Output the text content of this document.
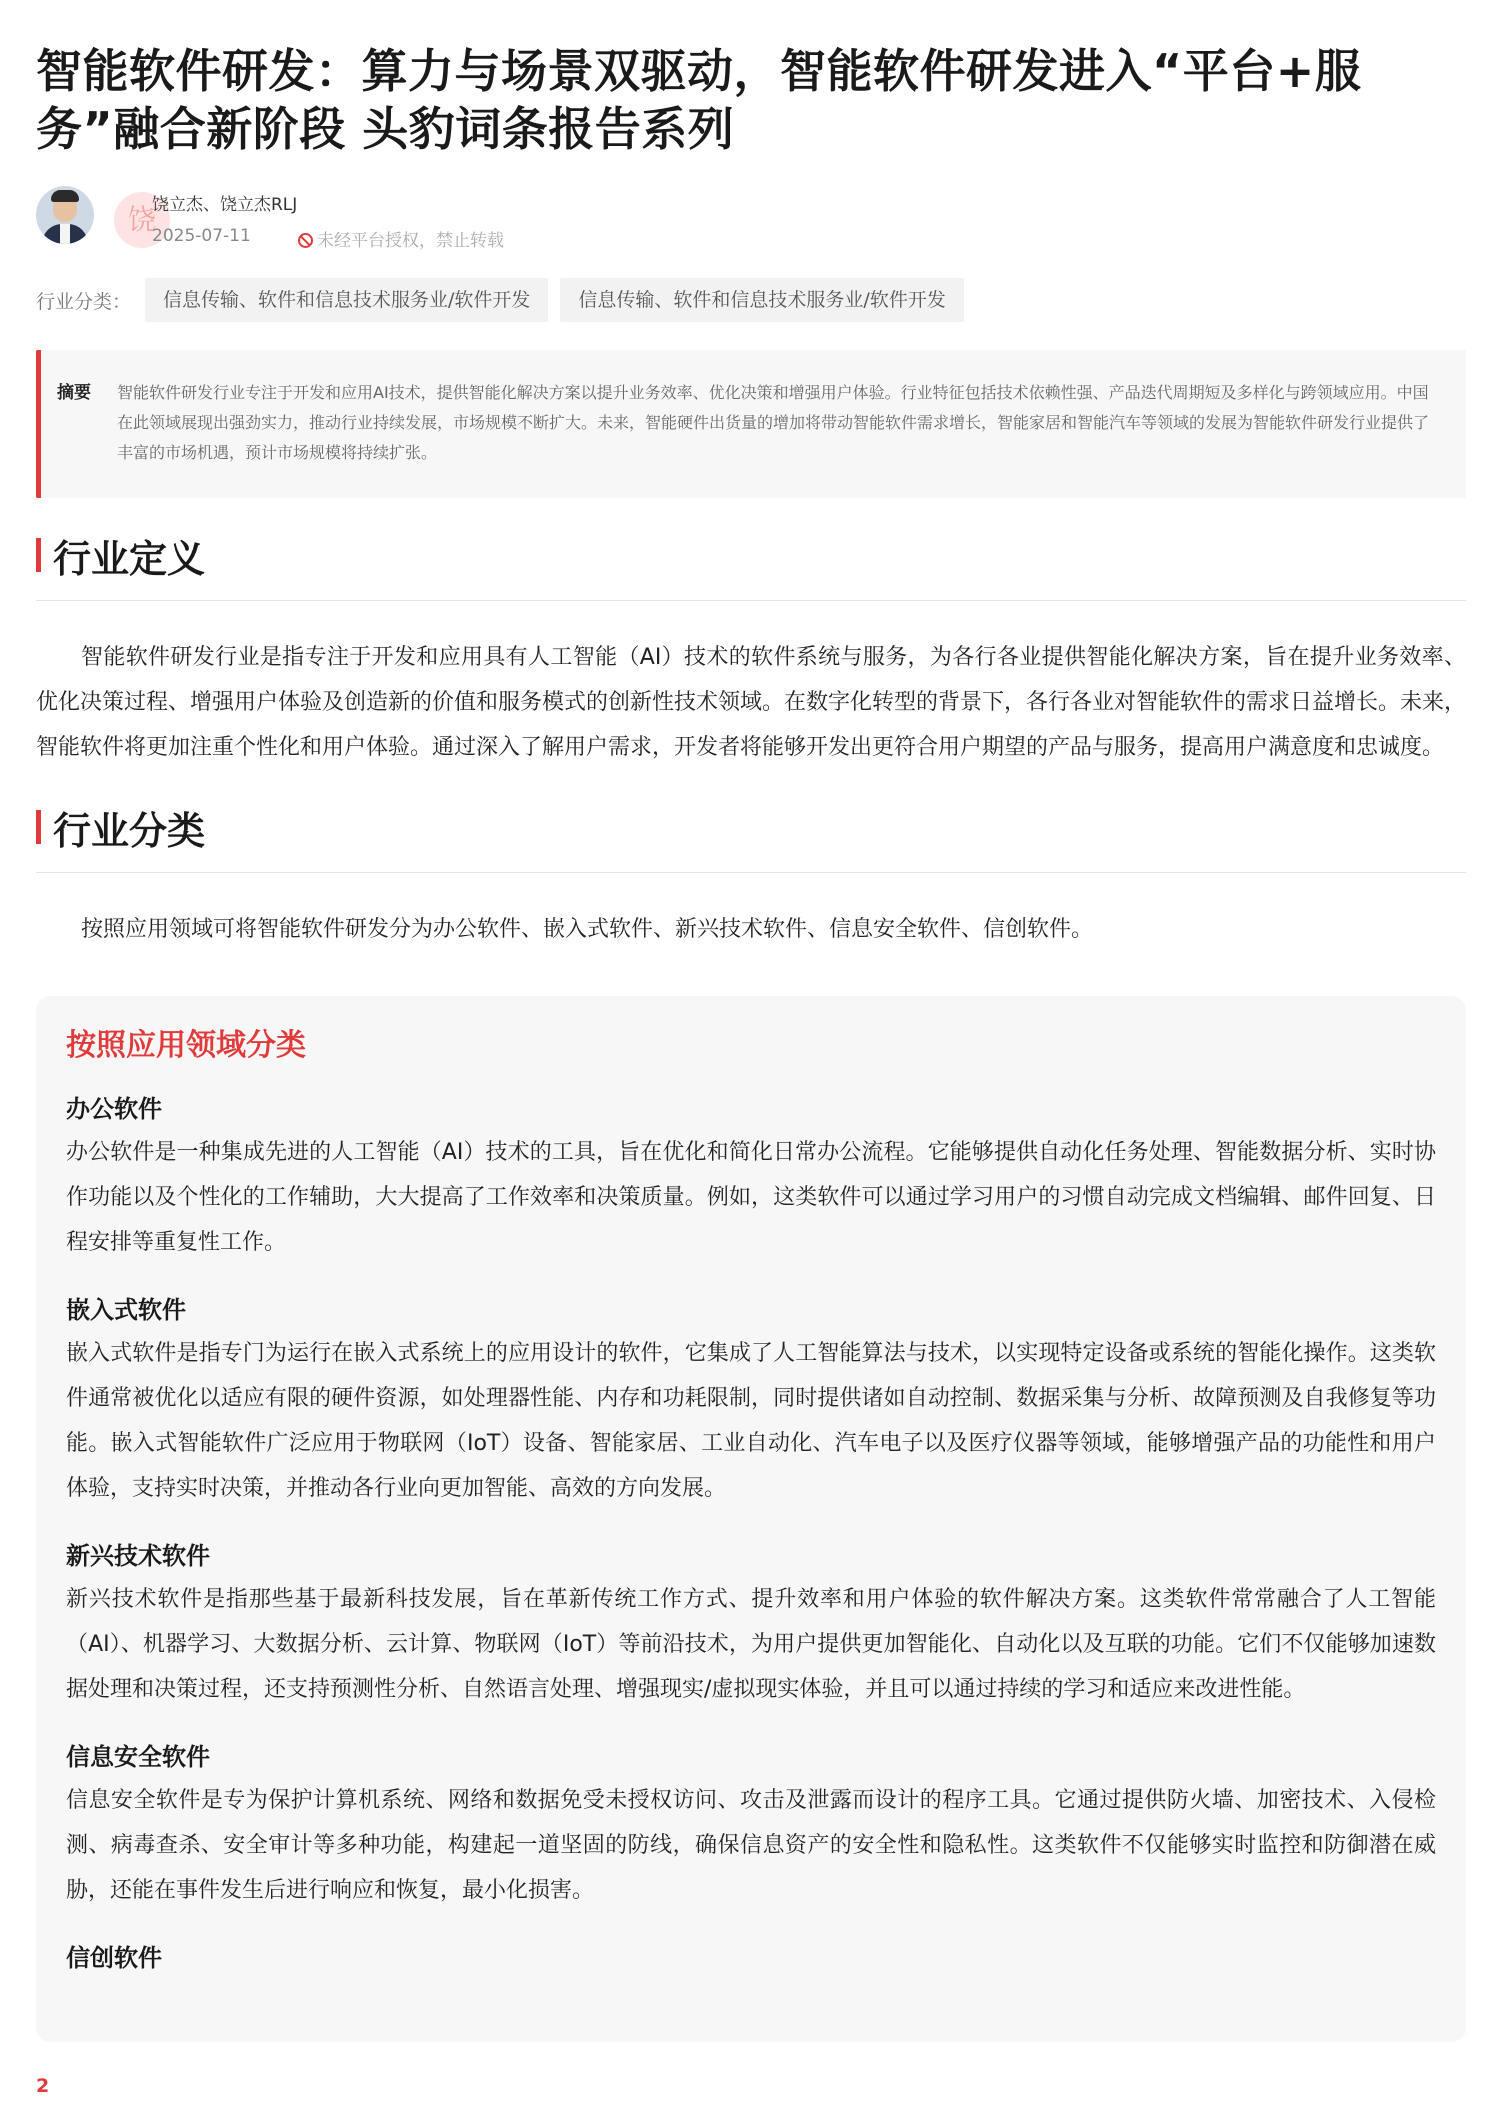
智能软件研发：算力与场景双驱动，智能软件研发进入“平台+服务”融合新阶段 头豹词条报告系列
饶
饶立杰、饶立杰RLJ
2025-07-11	未经平台授权，禁止转载
行业分类：	信息传输、软件和信息技术服务业/软件开发	信息传输、软件和信息技术服务业/软件开发
摘要	智能软件研发行业专注于开发和应用AI技术，提供智能化解决方案以提升业务效率、优化决策和增强用户体验。行业特征包括技术依赖性强、产品迭代周期短及多样化与跨领域应用。中国在此领域展现出强劲实力，推动行业持续发展，市场规模不断扩大。未来，智能硬件出货量的增加将带动智能软件需求增长，智能家居和智能汽车等领域的发展为智能软件研发行业提供了丰富的市场机遇，预计市场规模将持续扩张。
行业定义

智能软件研发行业是指专注于开发和应用具有人工智能（AI）技术的软件系统与服务，为各行各业提供智能化解决方案，旨在提升业务效率、优化决策过程、增强用户体验及创造新的价值和服务模式的创新性技术领域。在数字化转型的背景下，各行各业对智能软件的需求日益增长。未来，智能软件将更加注重个性化和用户体验。通过深入了解用户需求，开发者将能够开发出更符合用户期望的产品与服务，提高用户满意度和忠诚度。

行业分类

按照应用领域可将智能软件研发分为办公软件、嵌入式软件、新兴技术软件、信息安全软件、信创软件。

按照应用领域分类
办公软件
办公软件是一种集成先进的人工智能（AI）技术的工具，旨在优化和简化日常办公流程。它能够提供自动化任务处理、智能数据分析、实时协作功能以及个性化的工作辅助，大大提高了工作效率和决策质量。例如，这类软件可以通过学习用户的习惯自动完成文档编辑、邮件回复、日程安排等重复性工作。
嵌入式软件
嵌入式软件是指专门为运行在嵌入式系统上的应用设计的软件，它集成了人工智能算法与技术，以实现特定设备或系统的智能化操作。这类软件通常被优化以适应有限的硬件资源，如处理器性能、内存和功耗限制，同时提供诸如自动控制、数据采集与分析、故障预测及自我修复等功能。嵌入式智能软件广泛应用于物联网（IoT）设备、智能家居、工业自动化、汽车电子以及医疗仪器等领域，能够增强产品的功能性和用户体验，支持实时决策，并推动各行业向更加智能、高效的方向发展。
新兴技术软件
新兴技术软件是指那些基于最新科技发展，旨在革新传统工作方式、提升效率和用户体验的软件解决方案。这类软件常常融合了人工智能（AI）、机器学习、大数据分析、云计算、物联网（IoT）等前沿技术，为用户提供更加智能化、自动化以及互联的功能。它们不仅能够加速数据处理和决策过程，还支持预测性分析、自然语言处理、增强现实/虚拟现实体验，并且可以通过持续的学习和适应来改进性能。
信息安全软件
信息安全软件是专为保护计算机系统、网络和数据免受未授权访问、攻击及泄露而设计的程序工具。它通过提供防火墙、加密技术、入侵检测、病毒查杀、安全审计等多种功能，构建起一道坚固的防线，确保信息资产的安全性和隐私性。这类软件不仅能够实时监控和防御潜在威胁，还能在事件发生后进行响应和恢复，最小化损害。
信创软件
2
